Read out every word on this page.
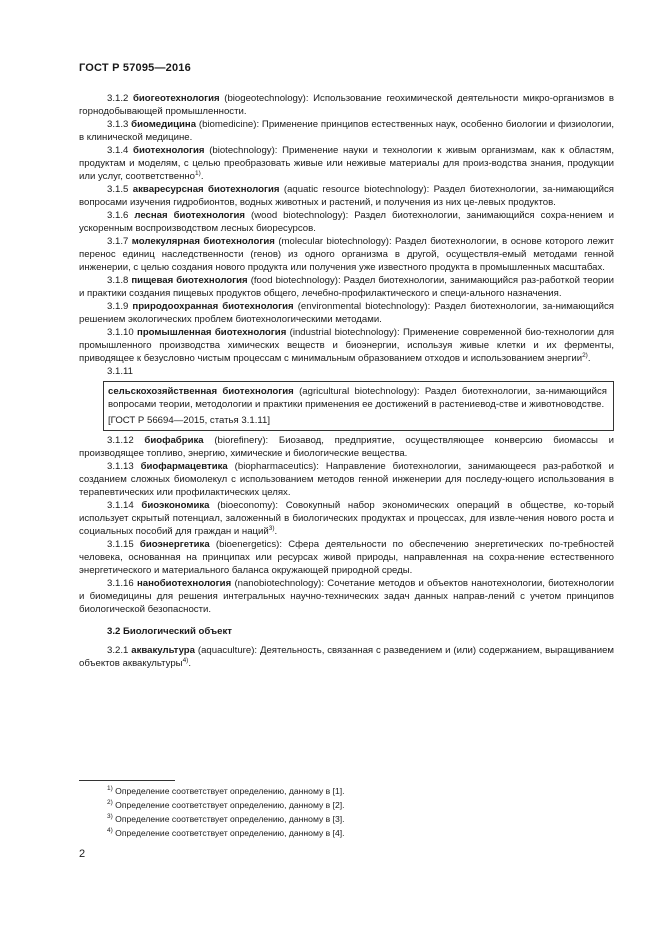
ГОСТ Р 57095—2016

3.1.2 биогеотехнология (biogeotechnology): Использование геохимической деятельности микро-организмов в горнодобывающей промышленности.

3.1.3 биомедицина (biomedicine): Применение принципов естественных наук, особенно биологии и физиологии, в клинической медицине.

3.1.4 биотехнология (biotechnology): Применение науки и технологии к живым организмам, как к областям, продуктам и моделям, с целью преобразовать живые или неживые материалы для произ-водства знания, продукции или услуг, соответственно$^{1)}$.

3.1.5 аквaресурсная биотехнология (aquatic resource biotechnology): Раздел биотехнологии, за-нимающийся вопросами изучения гидробионтов, водных животных и растений, и получения из них це-левых продуктов.

3.1.6 лесная биотехнология (wood biotechnology): Раздел биотехнологии, занимающийся сохра-нением и ускоренным воспроизводством лесных биоресурсов.

3.1.7 молекулярная биотехнология (molecular biotechnology): Раздел биотехнологии, в основе которого лежит перенос единиц наследственности (генов) из одного организма в другой, осуществля-емый методами генной инженерии, с целью создания нового продукта или получения уже известного продукта в промышленных масштабах.

3.1.8 пищевая биотехнология (food biotechnology): Раздел биотехнологии, занимающийся раз-работкой теории и практики создания пищевых продуктов общего, лечебно-профилактического и специ-ального назначения.

3.1.9 природоохранная биотехнология (environmental biotechnology): Раздел биотехнологии, за-нимающийся решением экологических проблем биотехнологическими методами.

3.1.10 промышленная биотехнология (industrial biotechnology): Применение современной био-технологии для промышленного производства химических веществ и биоэнергии, используя живые клетки и их ферменты, приводящее к безусловно чистым процессам с минимальным образованием отходов и использованием энергии$^{2)}$.

3.1.11

сельскохозяйственная биотехнология (agricultural biotechnology): Раздел биотехнологии, за-нимающийся вопросами теории, методологии и практики применения ее достижений в растениевод-стве и животноводстве.

[ГОСТ Р 56694—2015, статья 3.1.11]

3.1.12 биофабрика (biorefinery): Биозавод, предприятие, осуществляющее конверсию биомассы и производящее топливо, энергию, химические и биологические вещества.

3.1.13 биофармацевтика (biopharmaceutics): Направление биотехнологии, занимающееся раз-работкой и созданием сложных биомолекул с использованием методов генной инженерии для последу-ющего использования в терапевтических или профилактических целях.

3.1.14 биоэкономика (bioeconomy): Совокупный набор экономических операций в обществе, ко-торый использует скрытый потенциал, заложенный в биологических продуктах и процессах, для извле-чения нового роста и социальных пособий для граждан и наций$^{3)}$.

3.1.15 биоэнергетика (bioenergetics): Сфера деятельности по обеспечению энергетических по-требностей человека, основанная на принципах или ресурсах живой природы, направленная на сохра-нение естественного энергетического и материального баланса окружающей природной среды.

3.1.16 нанобиотехнология (nanobiotechnology): Сочетание методов и объектов нанотехнологии, биотехнологии и биомедицины для решения интегральных научно-технических задач данных направ-лений с учетом принципов биологической безопасности.

3.2 Биологический объект

3.2.1 аквакультура (aquaculture): Деятельность, связанная с разведением и (или) содержанием, выращиванием объектов аквакультуры$^{4)}$.

$^{1)}$ Определение соответствует определению, данному в [1].
$^{2)}$ Определение соответствует определению, данному в [2].
$^{3)}$ Определение соответствует определению, данному в [3].
$^{4)}$ Определение соответствует определению, данному в [4].
2
